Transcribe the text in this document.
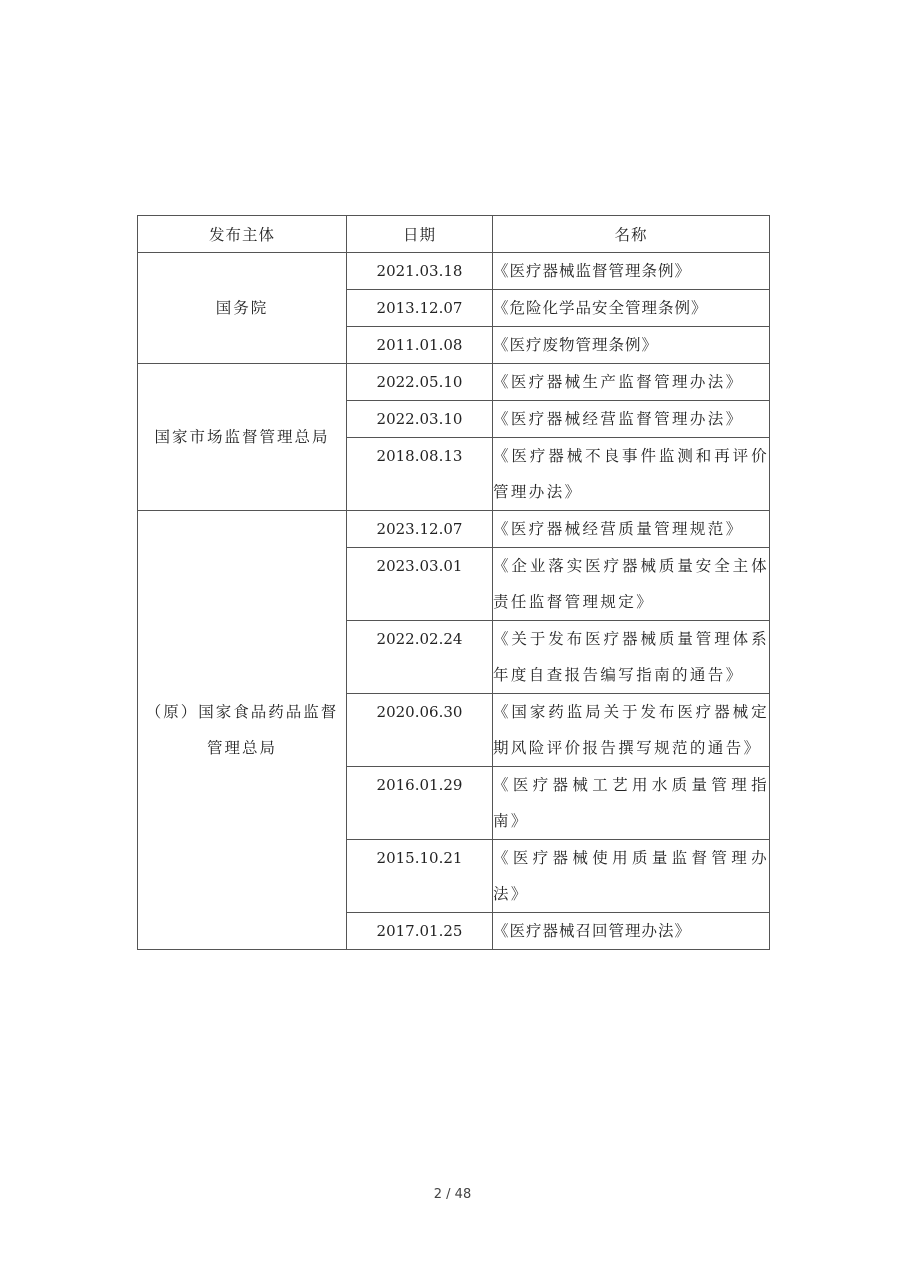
发布主体	日期	名称
国务院	2021.03.18	《医疗器械监督管理条例》
	2013.12.07	《危险化学品安全管理条例》
	2011.01.08	《医疗废物管理条例》
国家市场监督管理总局	2022.05.10	《医疗器械生产监督管理办法》
	2022.03.10	《医疗器械经营监督管理办法》
	2018.08.13	《医疗器械不良事件监测和再评价管理办法》
（原）国家食品药品监督管理总局	2023.12.07	《医疗器械经营质量管理规范》
	2023.03.01	《企业落实医疗器械质量安全主体责任监督管理规定》
	2022.02.24	《关于发布医疗器械质量管理体系年度自查报告编写指南的通告》
	2020.06.30	《国家药监局关于发布医疗器械定期风险评价报告撰写规范的通告》
	2016.01.29	《医疗器械工艺用水质量管理指南》
	2015.10.21	《医疗器械使用质量监督管理办法》
	2017.01.25	《医疗器械召回管理办法》
2 / 48
